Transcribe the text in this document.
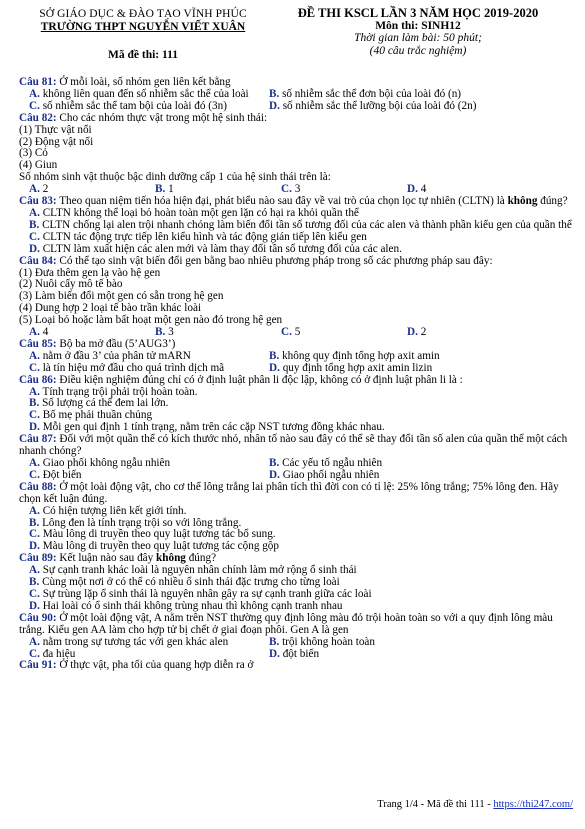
SỞ GIÁO DỤC & ĐÀO TẠO VĨNH PHÚC
TRƯỜNG THPT NGUYỄN VIẾT XUÂN
Mã đề thi: 111
ĐỀ THI KSCL LẦN 3 NĂM HỌC 2019-2020
Môn thi: SINH12
Thời gian làm bài: 50 phút;
(40 câu trắc nghiệm)
Câu 81: Ở mỗi loài, số nhóm gen liên kết bằng
A. không liên quan đến số nhiễm sắc thể của loài	B. số nhiễm sắc thể đơn bội của loài đó (n)
C. số nhiễm sắc thể tam bội của loài đó (3n)	D. số nhiễm sắc thể lưỡng bội của loài đó (2n)
Câu 82: Cho các nhóm thực vật trong một hệ sinh thái:
(1) Thực vật nổi
(2) Động vật nổi
(3) Cỏ
(4) Giun
Số nhóm sinh vật thuộc bậc dinh dưỡng cấp 1 của hệ sinh thái trên là:
A. 2	B. 1	C. 3	D. 4
Câu 83: Theo quan niệm tiến hóa hiện đại, phát biểu nào sau đây về vai trò của chọn lọc tự nhiên (CLTN) là không đúng?
A. CLTN không thể loại bỏ hoàn toàn một gen lặn có hại ra khỏi quần thể
B. CLTN chống lại alen trội nhanh chóng làm biến đổi tần số tương đối của các alen và thành phần kiểu gen của quần thể
C. CLTN tác động trực tiếp lên kiểu hình và tác động gián tiếp lên kiểu gen
D. CLTN làm xuất hiện các alen mới và làm thay đổi tần số tương đối của các alen.
Câu 84: Có thể tạo sinh vật biến đổi gen bằng bao nhiêu phương pháp trong số các phương pháp sau đây:
(1) Đưa thêm gen lạ vào hệ gen
(2) Nuôi cấy mô tế bào
(3) Làm biến đổi một gen có sẵn trong hệ gen
(4) Dung hợp 2 loại tế bào trần khác loài
(5) Loại bỏ hoặc làm bất hoạt một gen nào đó trong hệ gen
A. 4	B. 3	C. 5	D. 2
Câu 85: Bộ ba mở đầu (5’AUG3’)
A. nằm ở đầu 3’ của phân tử mARN	B. không quy định tổng hợp axit amin
C. là tín hiệu mở đầu cho quá trình dịch mã	D. quy định tổng hợp axit amin lizin
Câu 86: Điều kiện nghiệm đúng chỉ có ở định luật phân li độc lập, không có ở định luật phân li là :
A. Tính trạng trội phải trội hoàn toàn.
B. Số lượng cá thể đem lai lớn.
C. Bố mẹ phải thuần chủng
D. Mỗi gen qui định 1 tính trạng, nằm trên các cặp NST tương đồng khác nhau.
Câu 87: Đối với một quần thể có kích thước nhỏ, nhân tố nào sau đây có thể sẽ thay đổi tần số alen của quần thể một cách nhanh chóng?
A. Giao phối không ngẫu nhiên	B. Các yếu tố ngẫu nhiên
C. Đột biến	D. Giao phối ngẫu nhiên
Câu 88: Ở một loài động vật, cho cơ thể lông trắng lai phân tích thì đời con có tỉ lệ: 25% lông trắng; 75% lông đen. Hãy chọn kết luận đúng.
A. Có hiện tượng liên kết giới tính.
B. Lông đen là tính trạng trội so với lông trắng.
C. Màu lông di truyền theo quy luật tương tác bổ sung.
D. Màu lông di truyền theo quy luật tương tác cộng gộp
Câu 89: Kết luận nào sau đây không đúng?
A. Sự cạnh tranh khác loài là nguyên nhân chính làm mở rộng ổ sinh thái
B. Cùng một nơi ở có thể có nhiều ổ sinh thái đặc trưng cho từng loài
C. Sự trùng lặp ổ sinh thái là nguyên nhân gây ra sự cạnh tranh giữa các loài
D. Hai loài có ổ sinh thái không trùng nhau thì không cạnh tranh nhau
Câu 90: Ở một loài động vật, A nằm trên NST thường quy định lông màu đỏ trội hoàn toàn so với a quy định lông màu trắng. Kiểu gen AA làm cho hợp tử bị chết ở giai đoạn phôi. Gen A là gen
A. nằm trong sự tương tác với gen khác alen	B. trội không hoàn toàn
C. đa hiệu	D. đột biến
Câu 91: Ở thực vật, pha tối của quang hợp diễn ra ở
Trang 1/4 - Mã đề thi 111 - https://thi247.com/
